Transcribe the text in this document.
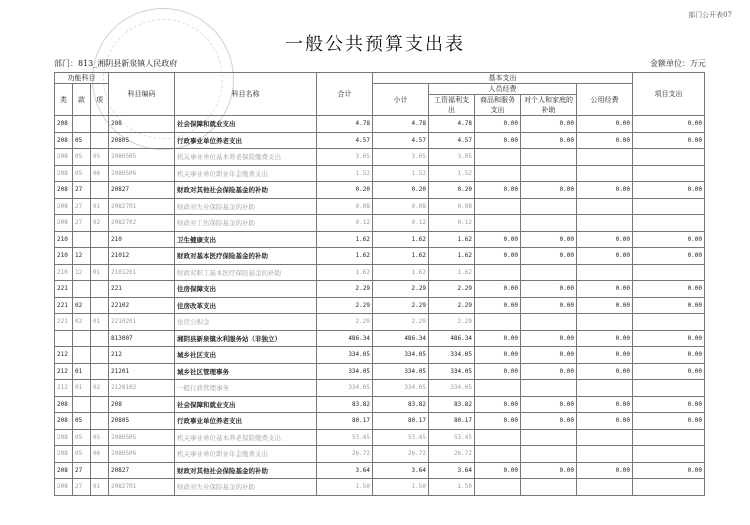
部门公开表07
一般公共预算支出表
部门：813_湘阴县新泉镇人民政府	金额单位：万元
功能科目			科目编码	科目名称	合计	基本支出					项目支出
类	款	项				小计	人员经费			公用经费	
							工资福利支出	商品和服务支出	对个人和家庭的补助		

208			208	社会保障和就业支出	4.78	4.78	4.78	0.00	0.00	0.00	0.00
208	05		20805	行政事业单位养老支出	4.57	4.57	4.57	0.00	0.00	0.00	0.00
208	05	05	2080505	机关事业单位基本养老保险缴费支出	3.05	3.05	3.05				
208	05	06	2080506	机关事业单位职业年金缴费支出	1.52	1.52	1.52				
208	27		20827	财政对其他社会保险基金的补助	0.20	0.20	0.20	0.00	0.00	0.00	0.00
208	27	01	2082701	财政对失业保险基金的补助	0.08	0.08	0.08				
208	27	02	2082702	财政对工伤保险基金的补助	0.12	0.12	0.12				
210			210	卫生健康支出	1.62	1.62	1.62	0.00	0.00	0.00	0.00
210	12		21012	财政对基本医疗保险基金的补助	1.62	1.62	1.62	0.00	0.00	0.00	0.00
210	12	01	2101201	财政对职工基本医疗保险基金的补助	1.62	1.62	1.62				
221			221	住房保障支出	2.29	2.29	2.29	0.00	0.00	0.00	0.00
221	02		22102	住房改革支出	2.29	2.29	2.29	0.00	0.00	0.00	0.00
221	02	01	2210201	住房公积金	2.29	2.29	2.29				
			813007	湘阴县新泉镇水利服务站（非独立）	486.34	486.34	486.34	0.00	0.00	0.00	0.00
212			212	城乡社区支出	334.05	334.05	334.05	0.00	0.00	0.00	0.00
212	01		21201	城乡社区管理事务	334.05	334.05	334.05	0.00	0.00	0.00	0.00
212	01	02	2120102	一般行政管理事务	334.05	334.05	334.05				
208			208	社会保障和就业支出	83.82	83.82	83.82	0.00	0.00	0.00	0.00
208	05		20805	行政事业单位养老支出	80.17	80.17	80.17	0.00	0.00	0.00	0.00
208	05	05	2080505	机关事业单位基本养老保险缴费支出	53.45	53.45	53.45				
208	05	06	2080506	机关事业单位职业年金缴费支出	26.72	26.72	26.72				
208	27		20827	财政对其他社会保险基金的补助	3.64	3.64	3.64	0.00	0.00	0.00	0.00
208	27	01	2082701	财政对失业保险基金的补助	1.50	1.50	1.50				
